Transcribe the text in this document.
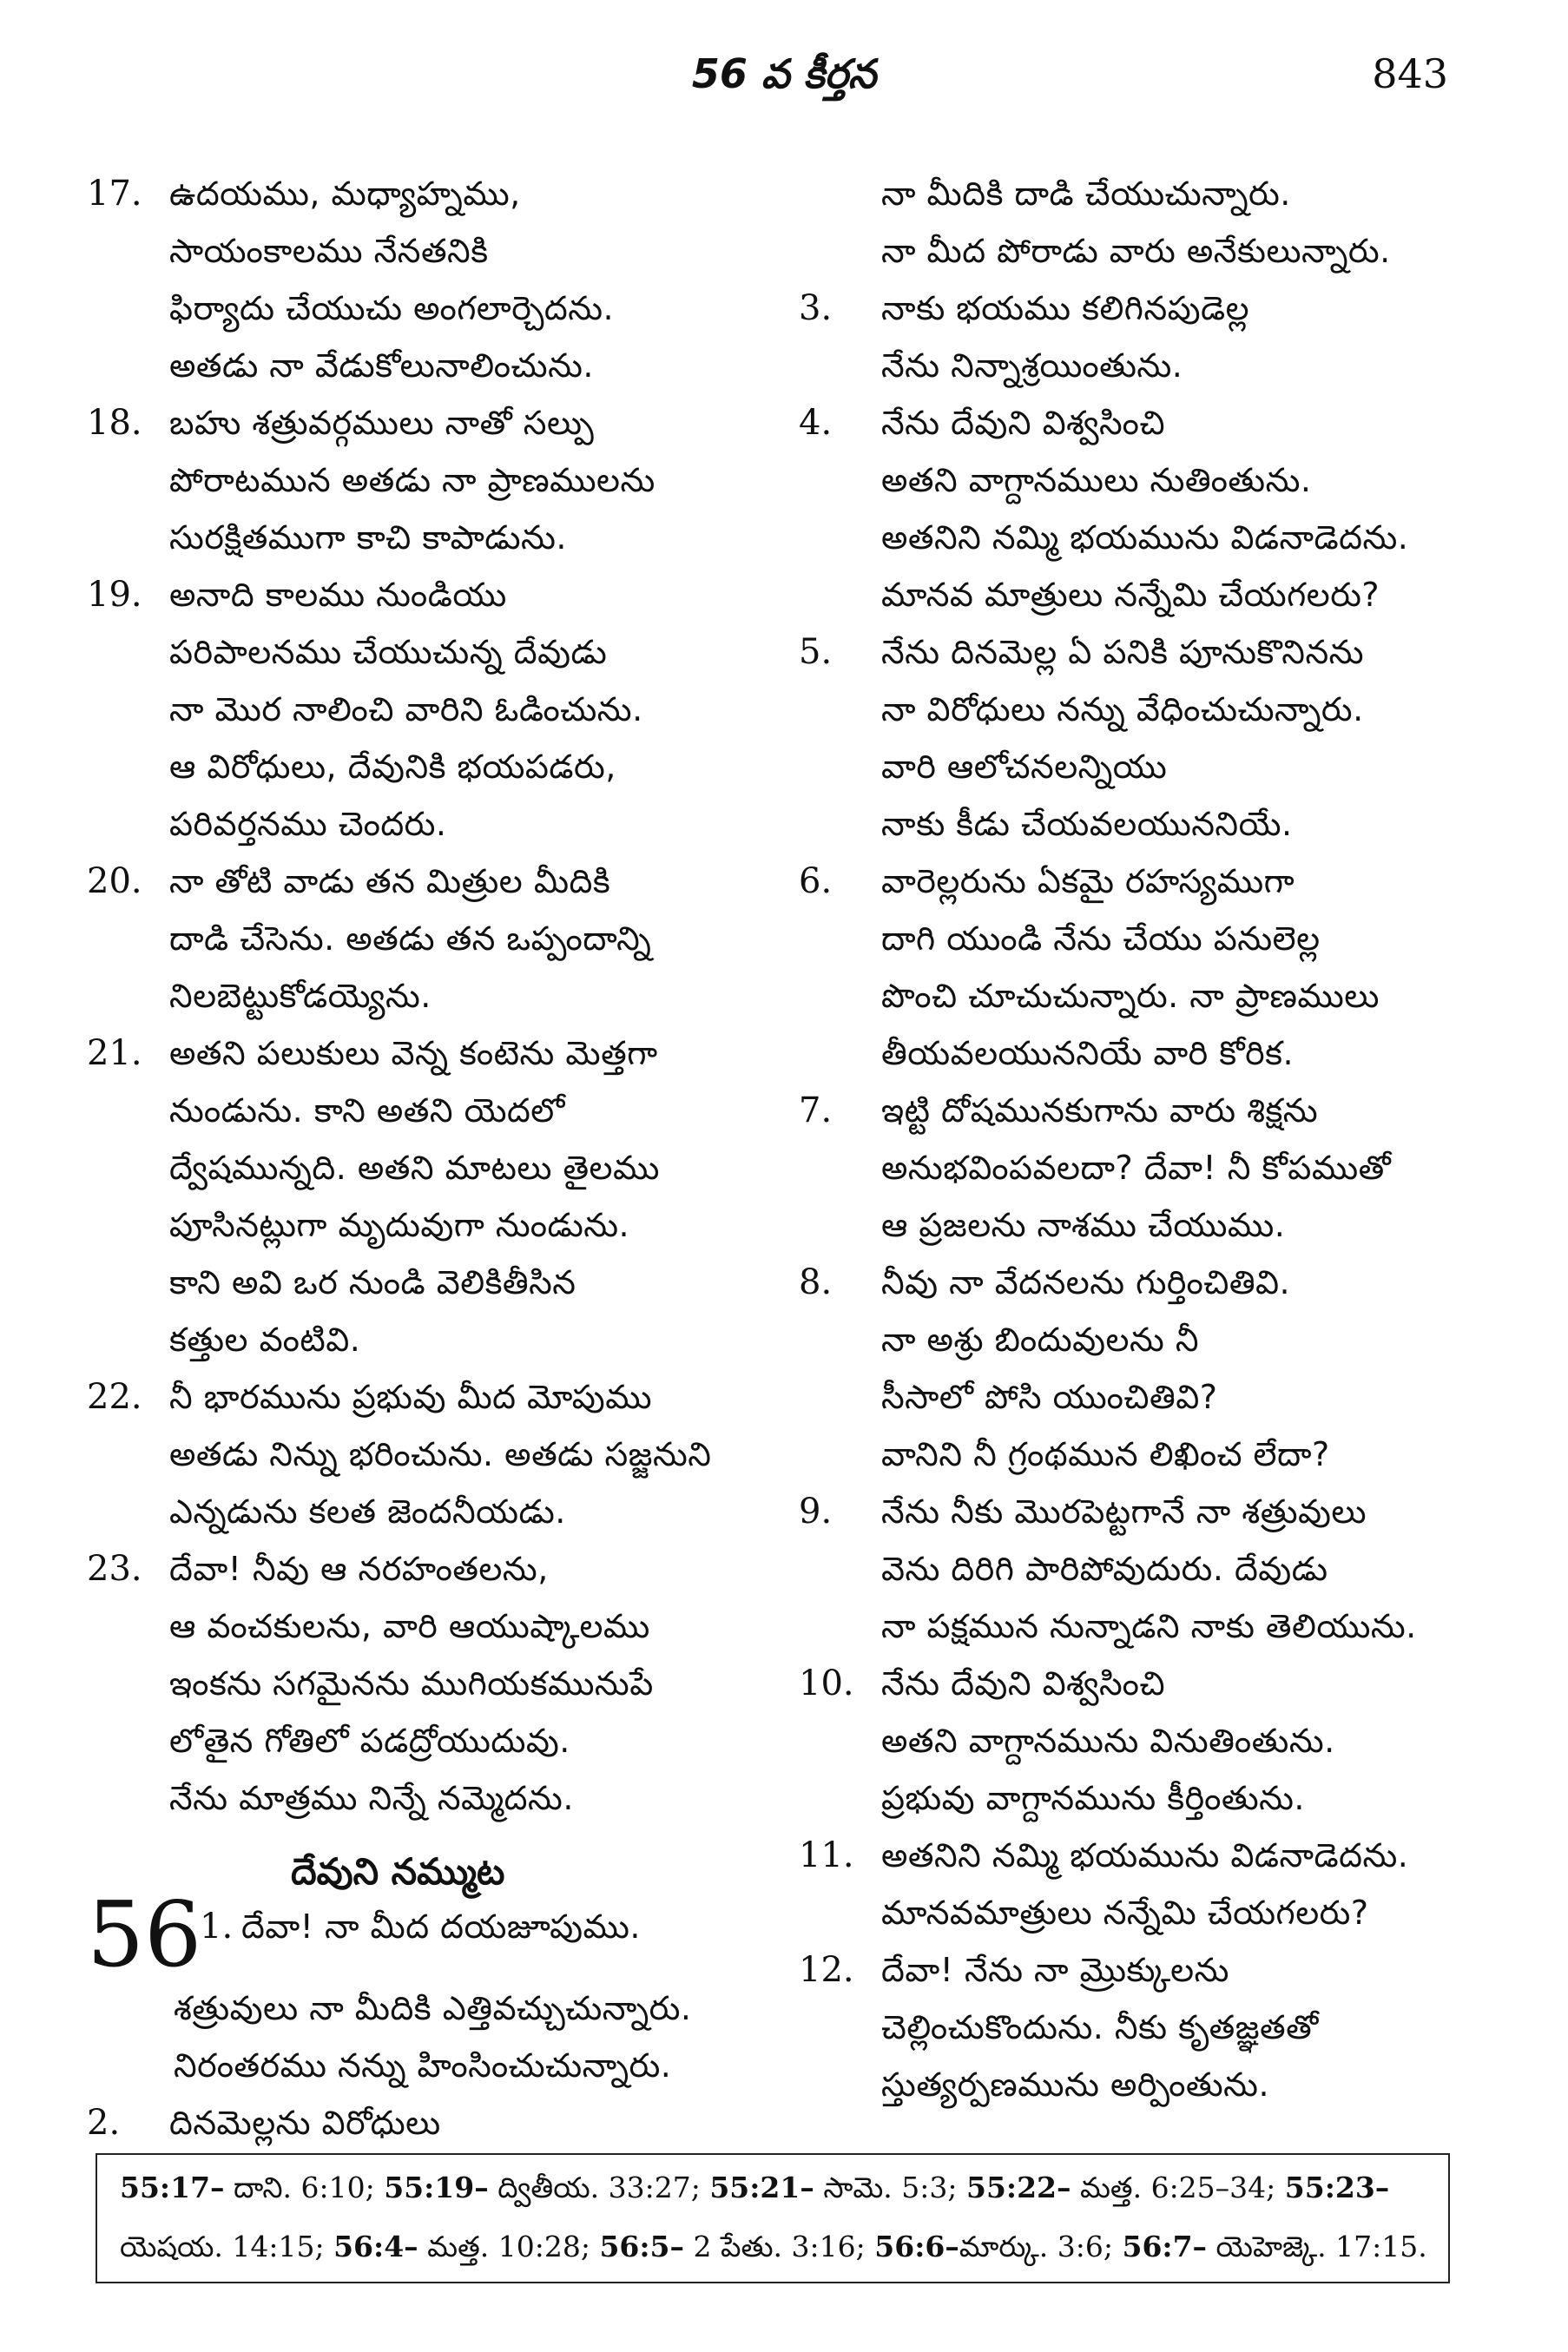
56 వ కీర్తన	843
17. ఉదయము, మధ్యాహ్నము,
సాయంకాలము నేనతనికి
ఫిర్యాదు చేయుచు అంగలార్చెదను.
అతడు నా వేడుకోలునాలించును.
18. బహు శత్రువర్గములు నాతో సల్పు
పోరాటమున అతడు నా ప్రాణములను
సురక్షితముగా కాచి కాపాడును.
19. అనాది కాలము నుండియు
పరిపాలనము చేయుచున్న దేవుడు
నా మొర నాలించి వారిని ఓడించును.
ఆ విరోధులు, దేవునికి భయపడరు,
పరివర్తనము చెందరు.
20. నా తోటి వాడు తన మిత్రుల మీదికి
దాడి చేసెను. అతడు తన ఒప్పందాన్ని
నిలబెట్టుకోడయ్యెను.
21. అతని పలుకులు వెన్న కంటెను మెత్తగా
నుండును. కాని అతని యెదలో
ద్వేషమున్నది. అతని మాటలు తైలము
పూసినట్లుగా మృదువుగా నుండును.
కాని అవి ఒర నుండి వెలికితీసిన
కత్తుల వంటివి.
22. నీ భారమును ప్రభువు మీద మోపుము
అతడు నిన్ను భరించును. అతడు సజ్జనుని
ఎన్నడును కలత జెందనీయడు.
23. దేవా! నీవు ఆ నరహంతలను,
ఆ వంచకులను, వారి ఆయుష్కాలము
ఇంకను సగమైనను ముగియకమునుపే
లోతైన గోతిలో పడద్రోయుదువు.
నేను మాత్రము నిన్నే నమ్మెదను.
దేవుని నమ్ముట
56
1. దేవా! నా మీద దయజూపుము.
శత్రువులు నా మీదికి ఎత్తివచ్చుచున్నారు.
నిరంతరము నన్ను హింసించుచున్నారు.
2.	దినమెల్లను విరోధులు
నా మీదికి దాడి చేయుచున్నారు.
నా మీద పోరాడు వారు అనేకులున్నారు.
3.	నాకు భయము కలిగినపుడెల్ల
నేను నిన్నాశ్రయింతును.
4.	నేను దేవుని విశ్వసించి
అతని వాగ్దానములు నుతింతును.
అతనిని నమ్మి భయమును విడనాడెదను.
మానవ మాత్రులు నన్నేమి చేయగలరు?
5.	నేను దినమెల్ల ఏ పనికి పూనుకొనినను
నా విరోధులు నన్ను వేధించుచున్నారు.
వారి ఆలోచనలన్నియు
నాకు కీడు చేయవలయుననియే.
6.	వారెల్లరును ఏకమై రహస్యముగా
దాగి యుండి నేను చేయు పనులెల్ల
పొంచి చూచుచున్నారు. నా ప్రాణములు
తీయవలయుననియే వారి కోరిక.
7.	ఇట్టి దోషమునకుగాను వారు శిక్షను
అనుభవింపవలదా? దేవా! నీ కోపముతో
ఆ ప్రజలను నాశము చేయుము.
8.	నీవు నా వేదనలను గుర్తించితివి.
నా అశ్రు బిందువులను నీ
సీసాలో పోసి యుంచితివి?
వానిని నీ గ్రంథమున లిఖించ లేదా?
9.	నేను నీకు మొరపెట్టగానే నా శత్రువులు
వెను దిరిగి పారిపోవుదురు. దేవుడు
నా పక్షమున నున్నాడని నాకు తెలియును.
10. నేను దేవుని విశ్వసించి
అతని వాగ్దానమును వినుతింతును.
ప్రభువు వాగ్దానమును కీర్తింతును.
11. అతనిని నమ్మి భయమును విడనాడెదను.
మానవమాత్రులు నన్నేమి చేయగలరు?
12. దేవా! నేను నా మ్రొక్కులను
చెల్లించుకొందును. నీకు కృతజ్ఞతతో
స్తుత్యర్పణమును అర్పింతును.
55:17– దాని. 6:10; 55:19– ద్వితీయ. 33:27; 55:21– సామె. 5:3; 55:22– మత్త. 6:25–34; 55:23–
యెషయ. 14:15; 56:4– మత్త. 10:28; 56:5– 2 పేతు. 3:16; 56:6–మార్కు. 3:6; 56:7– యెహెజ్కె. 17:15.
